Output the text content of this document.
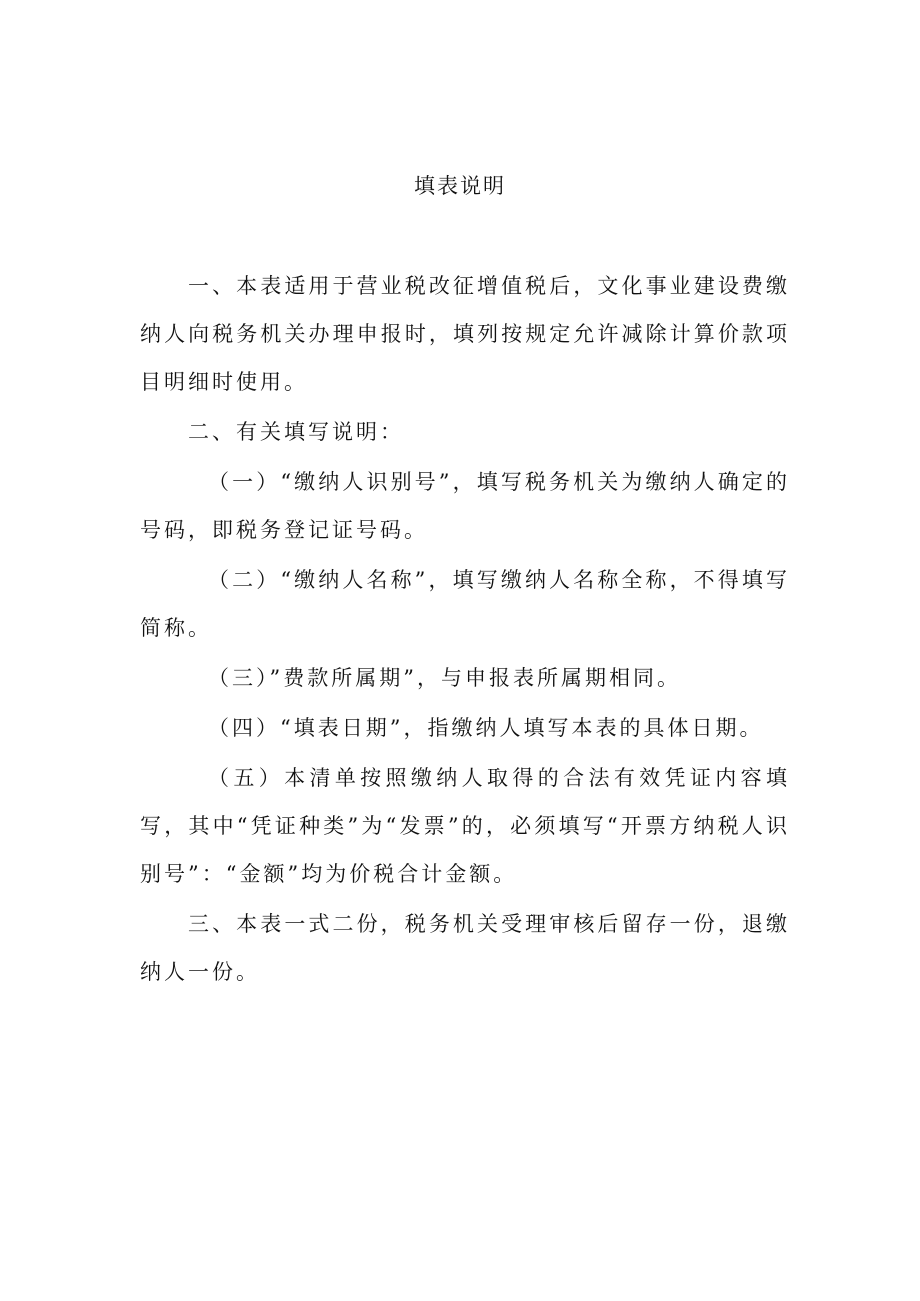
填表说明

一、本表适用于营业税改征增值税后，文化事业建设费缴纳人向税务机关办理申报时，填列按规定允许减除计算价款项目明细时使用。

二、有关填写说明：

（一）“缴纳人识别号”，填写税务机关为缴纳人确定的号码，即税务登记证号码。

（二）“缴纳人名称”，填写缴纳人名称全称，不得填写简称。

（三）”费款所属期”，与申报表所属期相同。

（四）“填表日期”，指缴纳人填写本表的具体日期。

（五）本清单按照缴纳人取得的合法有效凭证内容填写，其中“凭证种类”为“发票”的，必须填写“开票方纳税人识别号”：“金额”均为价税合计金额。

三、本表一式二份，税务机关受理审核后留存一份，退缴纳人一份。
